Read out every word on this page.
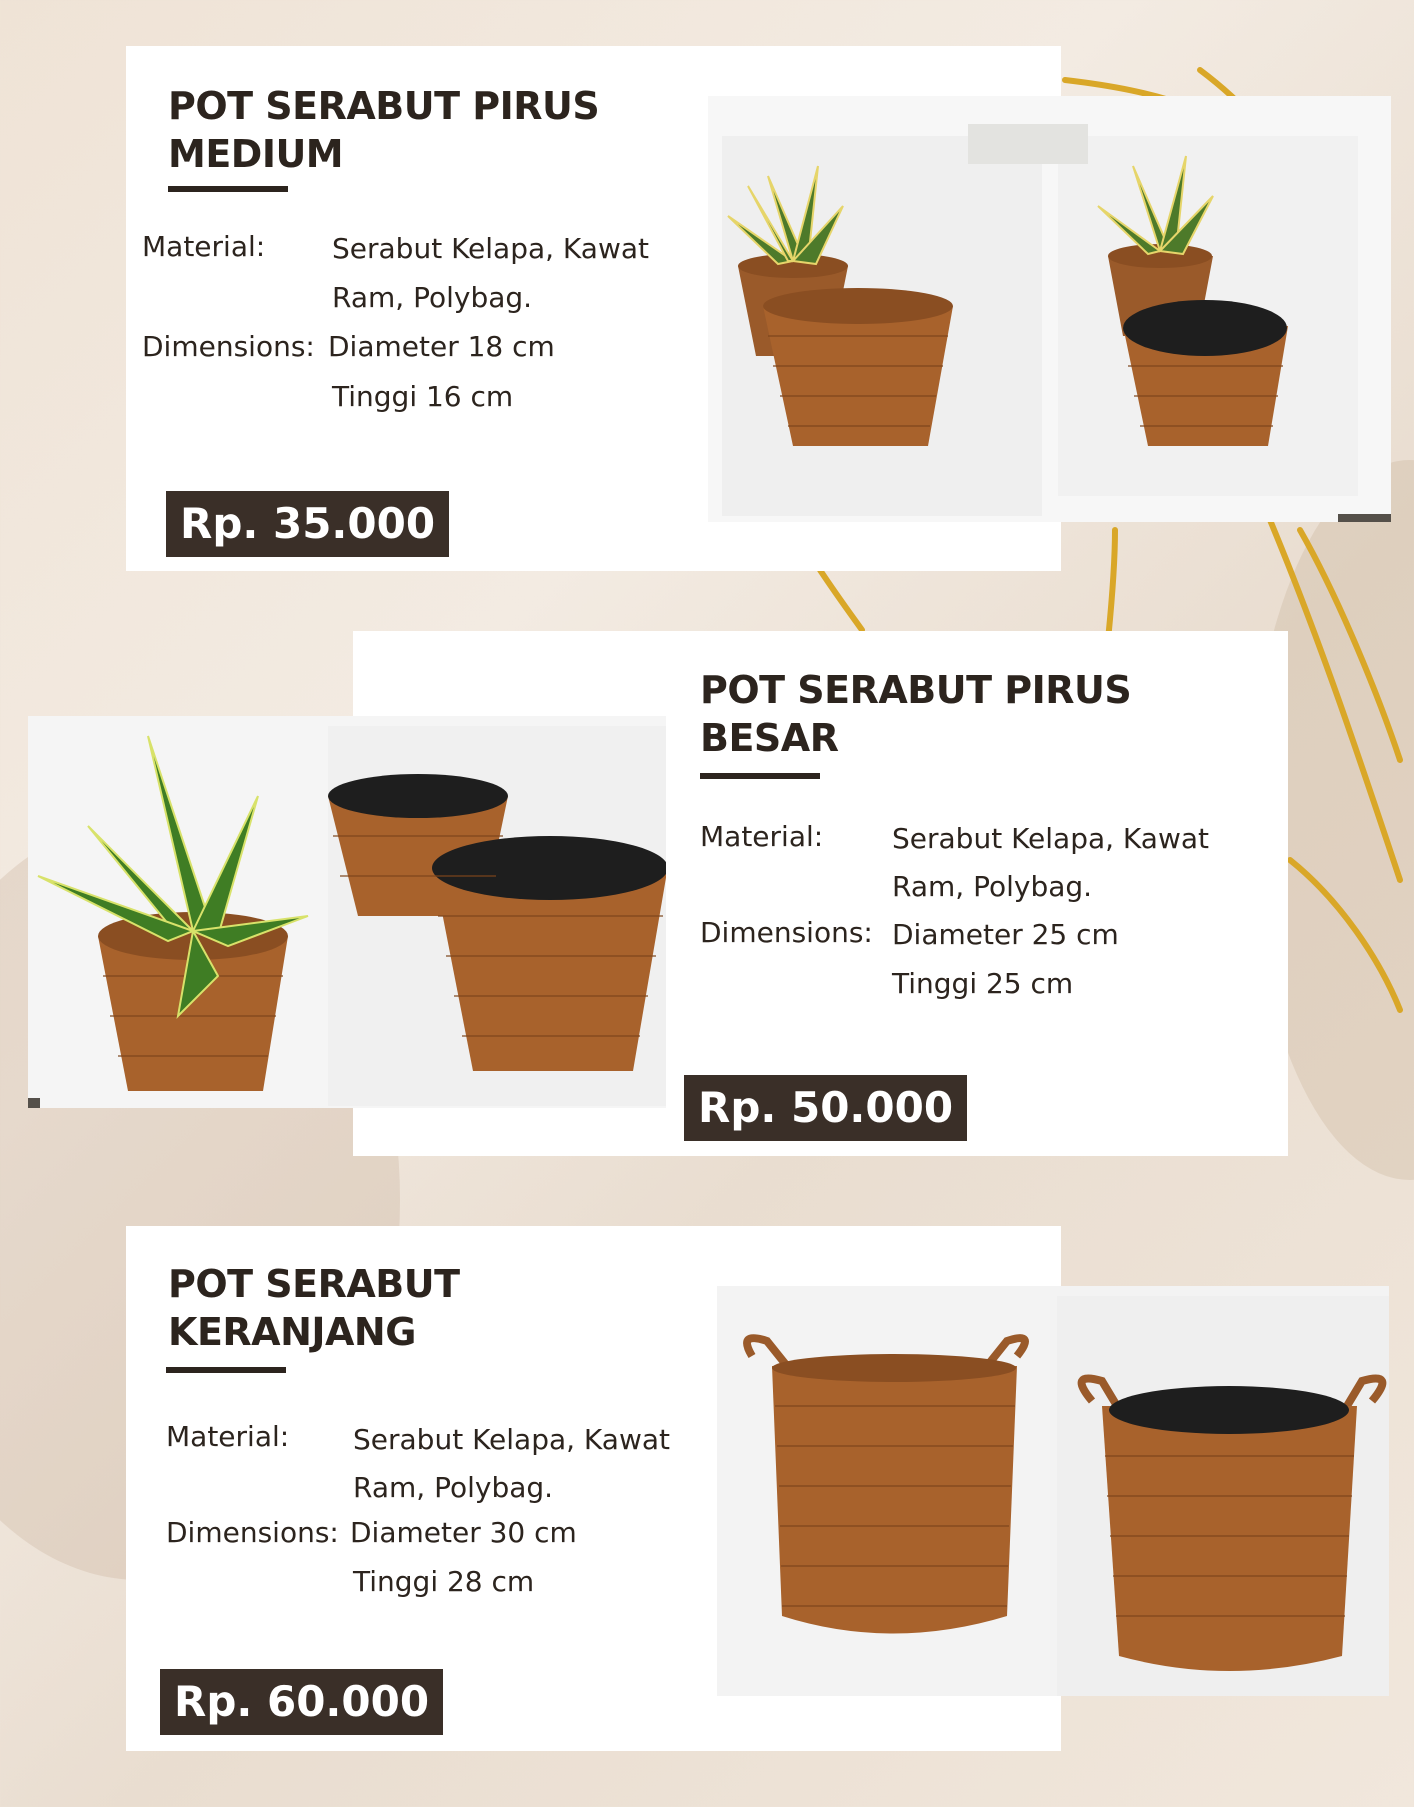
POT SERABUT PIRUS
MEDIUM
Material: Serabut Kelapa, Kawat
Ram, Polybag.
Dimensions: Diameter 18 cm
Tinggi 16 cm
Rp. 35.000
POT SERABUT PIRUS
BESAR
Material: Serabut Kelapa, Kawat
Ram, Polybag.
Dimensions: Diameter 25 cm
Tinggi 25 cm
Rp. 50.000
POT SERABUT
KERANJANG
Material: Serabut Kelapa, Kawat
Ram, Polybag.
Dimensions: Diameter 30 cm
Tinggi 28 cm
Rp. 60.000
